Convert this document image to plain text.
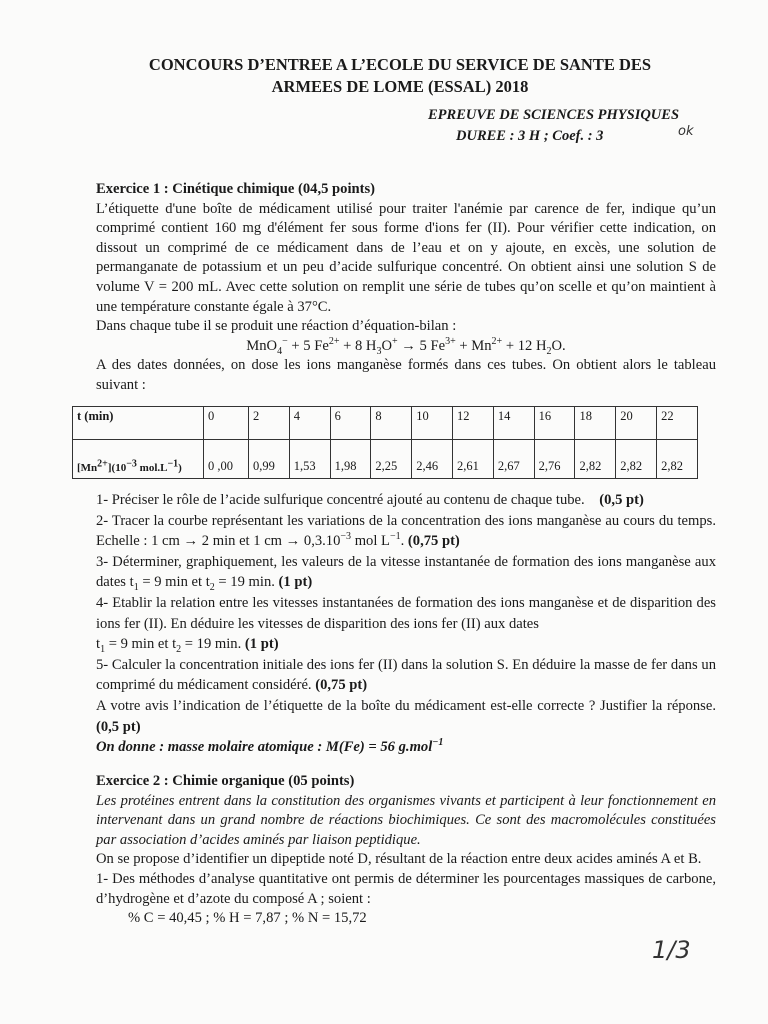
CONCOURS D’ENTREE A L’ECOLE DU SERVICE DE SANTE DES
ARMEES DE LOME (ESSAL) 2018
EPREUVE DE SCIENCES PHYSIQUES
DUREE : 3 H ; Coef. : 3	ok

Exercice 1 : Cinétique chimique (04,5 points)

L’étiquette d'une boîte de médicament utilisé pour traiter l'anémie par carence de fer, indique qu’un comprimé contient 160 mg d'élément fer sous forme d'ions fer (II). Pour vérifier cette indication, on dissout un comprimé de ce médicament dans de l’eau et on y ajoute, en excès, une solution de permanganate de potassium et un peu d’acide sulfurique concentré. On obtient ainsi une solution S de volume V = 200 mL. Avec cette solution on remplit une série de tubes qu’on scelle et qu’on maintient à une température constante égale à 37°C.

Dans chaque tube il se produit une réaction d’équation-bilan :

MnO$_4$− + 5 $Fe^{2+} + 8$ $H_3O^+ \to 5$ $Fe^{3+} + Mn^{2+} + 12$ $H_2O$.

A des dates données, on dose les ions manganèse formés dans ces tubes. On obtient alors le tableau suivant :

t (min)	0	2	4	6	8	10	12	14	16	18	20	22
$[Mn^{2+}](10^{-3}$ $mol.L^{-1}$)	0 ,00	0,99	1,53	1,98	2,25	2,46	2,61	2,67	2,76	2,82	2,82	2,82

1- Préciser le rôle de l’acide sulfurique concentré ajouté au contenu de chaque tube. (0,5 pt)

2- Tracer la courbe représentant les variations de la concentration des ions manganèse au cours du temps. Echelle : 1 cm → 2 min et 1 cm → $0,3.10^{-3}$ mol $L^{-1}$. (0,75 pt)

3- Déterminer, graphiquement, les valeurs de la vitesse instantanée de formation des ions manganèse aux dates $t_1 = 9$ min et $t_2 = 19$ min. (1 pt)

4- Etablir la relation entre les vitesses instantanées de formation des ions manganèse et de disparition des ions fer (II). En déduire les vitesses de disparition des ions fer (II) aux dates
$t_1 = 9$ min et $t_2 = 19$ min. (1 pt)

5- Calculer la concentration initiale des ions fer (II) dans la solution S. En déduire la masse de fer dans un comprimé du médicament considéré. (0,75 pt)

A votre avis l’indication de l’étiquette de la boîte du médicament est-elle correcte ? Justifier la réponse. (0,5 pt)

On donne : masse molaire atomique : M(Fe) = 56 g.mol$^{-1}$

Exercice 2 : Chimie organique (05 points)

Les protéines entrent dans la constitution des organismes vivants et participent à leur fonctionnement en intervenant dans un grand nombre de réactions biochimiques. Ce sont des macromolécules constituées par association d’acides aminés par liaison peptidique.

On se propose d’identifier un dipeptide noté D, résultant de la réaction entre deux acides aminés A et B.

1- Des méthodes d’analyse quantitative ont permis de déterminer les pourcentages massiques de carbone, d’hydrogène et d’azote du composé A ; soient :

% C = 40,45 ; % H = 7,87 ; % N = 15,72

1/3
